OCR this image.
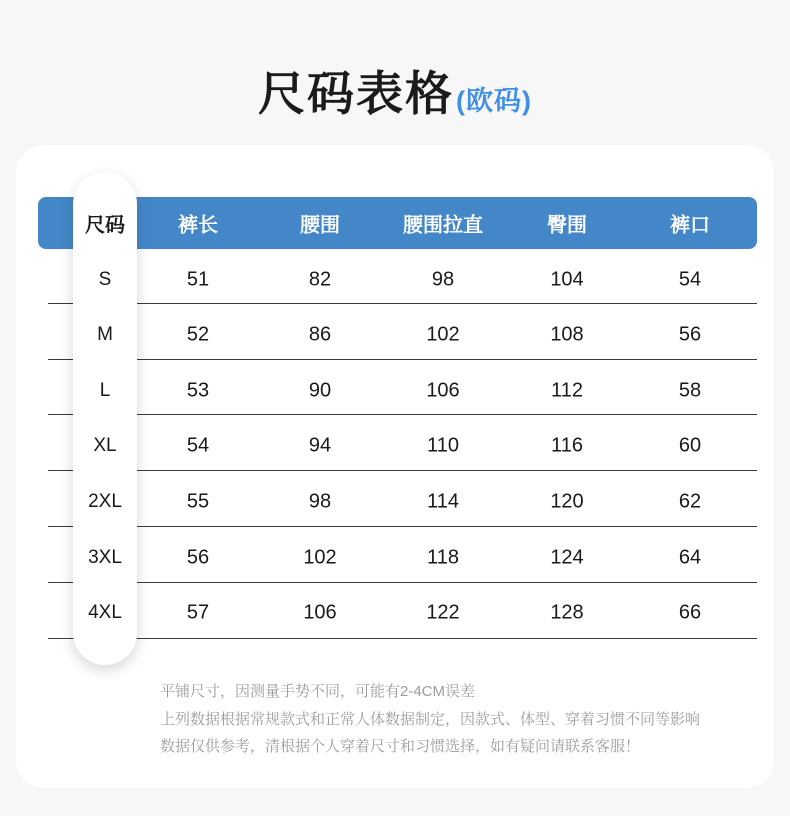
尺码表格(欧码)
尺码	裤长	腰围	腰围拉直	臀围	裤口
S	51	82	98	104	54
M	52	86	102	108	56
L	53	90	106	112	58
XL	54	94	110	116	60
2XL	55	98	114	120	62
3XL	56	102	118	124	64
4XL	57	106	122	128	66
平铺尺寸，因测量手势不同，可能有2-4CM误差
上列数据根据常规款式和正常人体数据制定，因款式、体型、穿着习惯不同等影响
数据仅供参考，清根据个人穿着尺寸和习惯选择，如有疑问请联系客服！
